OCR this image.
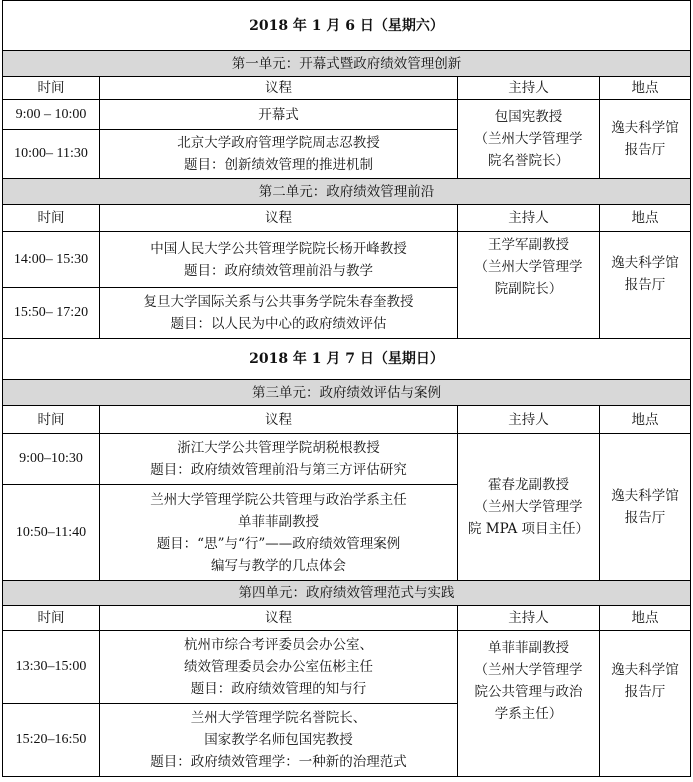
2018 年 1 月 6 日（星期六）			
第一单元：开幕式暨政府绩效管理创新			
时间	议程	主持人	地点
9:00 – 10:00	开幕式	包国宪教授
（兰州大学管理学
院名誉院长）	逸夫科学馆
报告厅

10:00– 11:30	北京大学政府管理学院周志忍教授
题目：创新绩效管理的推进机制		

第二单元：政府绩效管理前沿			
时间	议程	主持人	地点
14:00– 15:30	中国人民大学公共管理学院院长杨开峰教授
题目：政府绩效管理前沿与教学	王学军副教授
（兰州大学管理学
院副院长）	逸夫科学馆
报告厅

15:50– 17:20	复旦大学国际关系与公共事务学院朱春奎教授
题目：以人民为中心的政府绩效评估		

2018 年 1 月 7 日（星期日）			
第三单元：政府绩效评估与案例			
时间	议程	主持人	地点
9:00–10:30	浙江大学公共管理学院胡税根教授
题目：政府绩效管理前沿与第三方评估研究	霍春龙副教授
（兰州大学管理学
院 MPA 项目主任）	逸夫科学馆
报告厅

10:50–11:40	兰州大学管理学院公共管理与政治学系主任
单菲菲副教授
题目：“思”与“行”——政府绩效管理案例
编写与教学的几点体会		

第四单元：政府绩效管理范式与实践			
时间	议程	主持人	地点
13:30–15:00	杭州市综合考评委员会办公室、
绩效管理委员会办公室伍彬主任
题目：政府绩效管理的知与行	单菲菲副教授
（兰州大学管理学
院公共管理与政治
学系主任）	逸夫科学馆
报告厅

15:20–16:50	兰州大学管理学院名誉院长、
国家教学名师包国宪教授
题目：政府绩效管理学：一种新的治理范式		
